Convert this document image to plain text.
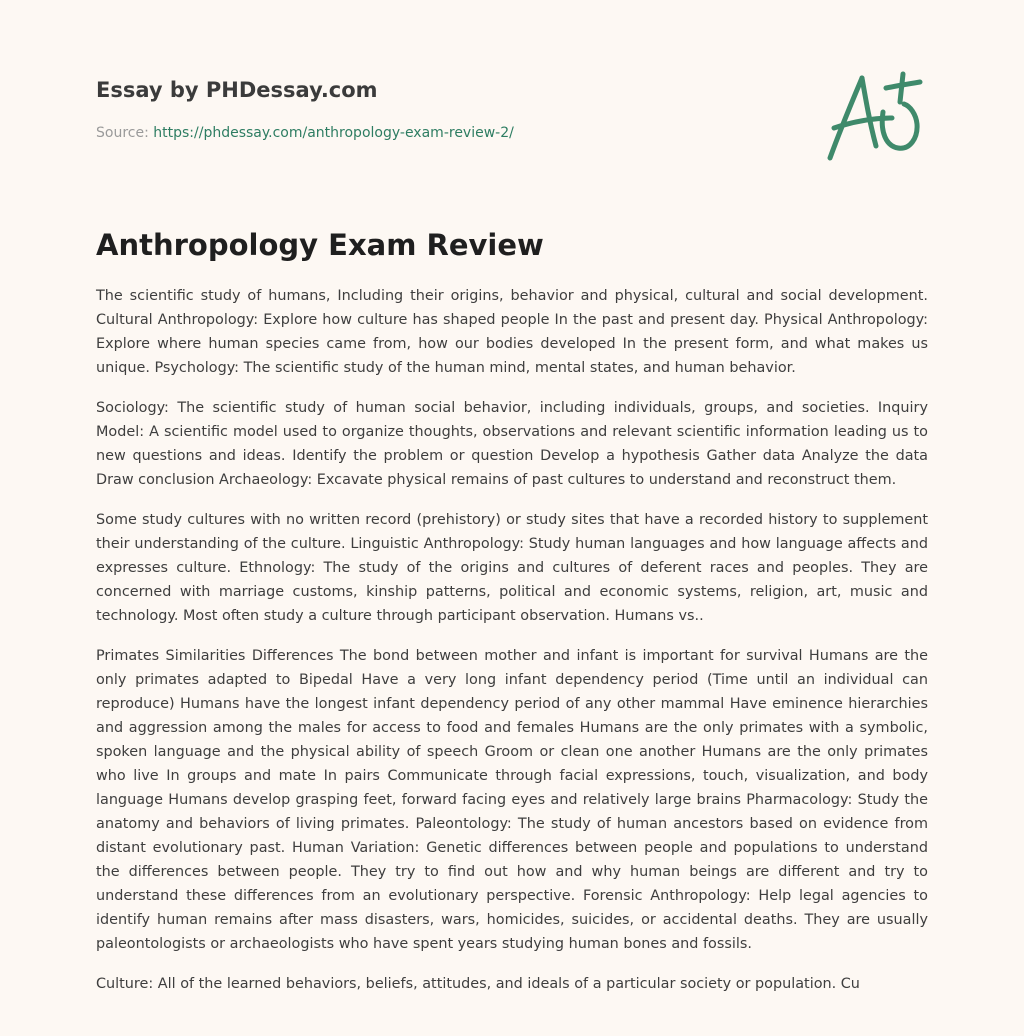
Essay by PHDessay.com
Source: https://phdessay.com/anthropology-exam-review-2/
Anthropology Exam Review

The scientific study of humans, Including their origins, behavior and physical, cultural and social development. Cultural Anthropology: Explore how culture has shaped people In the past and present day. Physical Anthropology: Explore where human species came from, how our bodies developed In the present form, and what makes us unique. Psychology: The scientific study of the human mind, mental states, and human behavior.

Sociology: The scientific study of human social behavior, including individuals, groups, and societies. Inquiry Model: A scientific model used to organize thoughts, observations and relevant scientific information leading us to new questions and ideas. Identify the problem or question Develop a hypothesis Gather data Analyze the data Draw conclusion Archaeology: Excavate physical remains of past cultures to understand and reconstruct them.

Some study cultures with no written record (prehistory) or study sites that have a recorded history to supplement their understanding of the culture. Linguistic Anthropology: Study human languages and how language affects and expresses culture. Ethnology: The study of the origins and cultures of deferent races and peoples. They are concerned with marriage customs, kinship patterns, political and economic systems, religion, art, music and technology. Most often study a culture through participant observation. Humans vs..

Primates Similarities Differences The bond between mother and infant is important for survival Humans are the only primates adapted to Bipedal Have a very long infant dependency period (Time until an individual can reproduce) Humans have the longest infant dependency period of any other mammal Have eminence hierarchies and aggression among the males for access to food and females Humans are the only primates with a symbolic, spoken language and the physical ability of speech Groom or clean one another Humans are the only primates who live In groups and mate In pairs Communicate through facial expressions, touch, visualization, and body language Humans develop grasping feet, forward facing eyes and relatively large brains Pharmacology: Study the anatomy and behaviors of living primates. Paleontology: The study of human ancestors based on evidence from distant evolutionary past. Human Variation: Genetic differences between people and populations to understand the differences between people. They try to find out how and why human beings are different and try to understand these differences from an evolutionary perspective. Forensic Anthropology: Help legal agencies to identify human remains after mass disasters, wars, homicides, suicides, or accidental deaths. They are usually paleontologists or archaeologists who have spent years studying human bones and fossils.

Culture: All of the learned behaviors, beliefs, attitudes, and ideals of a particular society or population. Cu
